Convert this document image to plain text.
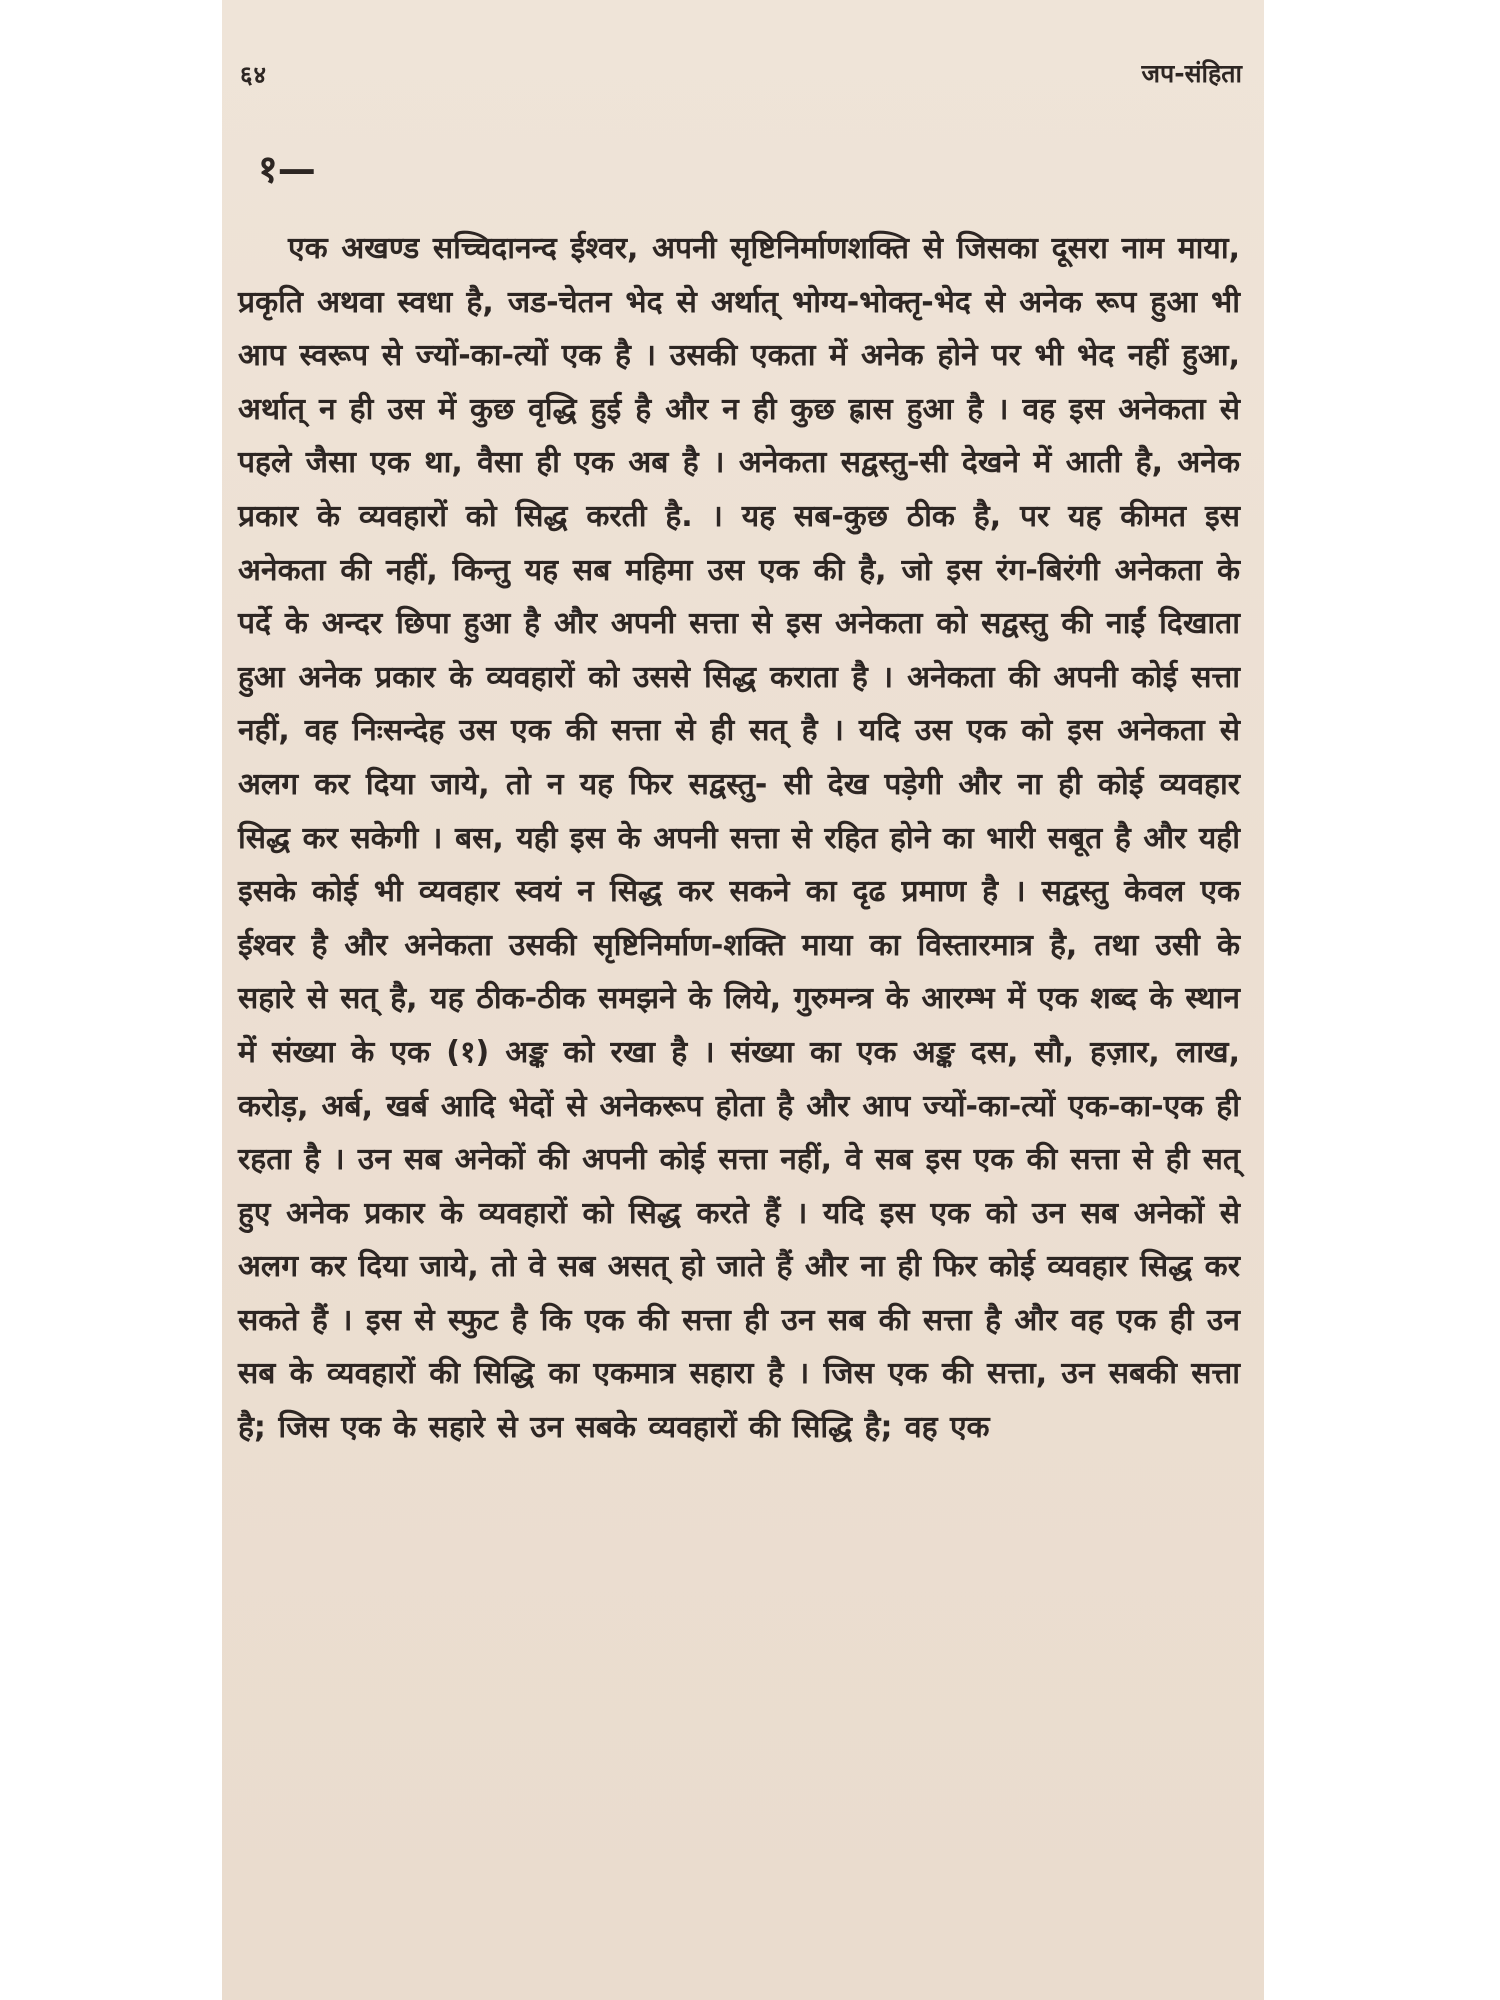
६४	जप-संहिता
१—

एक अखण्ड सच्चिदानन्द ईश्वर, अपनी सृष्टिनिर्माणशक्ति से जिसका दूसरा नाम माया, प्रकृति अथवा स्वधा है, जड-चेतन भेद से अर्थात् भोग्य-भोक्तृ-भेद से अनेक रूप हुआ भी आप स्वरूप से ज्यों-का-त्यों एक है । उसकी एकता में अनेक होने पर भी भेद नहीं हुआ, अर्थात् न ही उस में कुछ वृद्धि हुई है और न ही कुछ ह्रास हुआ है । वह इस अनेकता से पहले जैसा एक था, वैसा ही एक अब है । अनेकता सद्वस्तु-सी देखने में आती है, अनेक प्रकार के व्यवहारों को सिद्ध करती है. । यह सब-कुछ ठीक है, पर यह कीमत इस अनेकता की नहीं, किन्तु यह सब महिमा उस एक की है, जो इस रंग-बिरंगी अनेकता के पर्दे के अन्दर छिपा हुआ है और अपनी सत्ता से इस अनेकता को सद्वस्तु की नाईं दिखाता हुआ अनेक प्रकार के व्यवहारों को उससे सिद्ध कराता है । अनेकता की अपनी कोई सत्ता नहीं, वह निःसन्देह उस एक की सत्ता से ही सत् है । यदि उस एक को इस अनेकता से अलग कर दिया जाये, तो न यह फिर सद्वस्तु- सी देख पड़ेगी और ना ही कोई व्यवहार सिद्ध कर सकेगी । बस, यही इस के अपनी सत्ता से रहित होने का भारी सबूत है और यही इसके कोई भी व्यवहार स्वयं न सिद्ध कर सकने का दृढ प्रमाण है । सद्वस्तु केवल एक ईश्वर है और अनेकता उसकी सृष्टिनिर्माण-शक्ति माया का विस्तारमात्र है, तथा उसी के सहारे से सत् है, यह ठीक-ठीक समझने के लिये, गुरुमन्त्र के आरम्भ में एक शब्द के स्थान में संख्या के एक (१) अङ्क को रखा है । संख्या का एक अङ्क दस, सौ, हज़ार, लाख, करोड़, अर्ब, खर्ब आदि भेदों से अनेकरूप होता है और आप ज्यों-का-त्यों एक-का-एक ही रहता है । उन सब अनेकों की अपनी कोई सत्ता नहीं, वे सब इस एक की सत्ता से ही सत् हुए अनेक प्रकार के व्यवहारों को सिद्ध करते हैं । यदि इस एक को उन सब अनेकों से अलग कर दिया जाये, तो वे सब असत् हो जाते हैं और ना ही फिर कोई व्यवहार सिद्ध कर सकते हैं । इस से स्फुट है कि एक की सत्ता ही उन सब की सत्ता है और वह एक ही उन सब के व्यवहारों की सिद्धि का एकमात्र सहारा है । जिस एक की सत्ता, उन सबकी सत्ता है; जिस एक के सहारे से उन सबके व्यवहारों की सिद्धि है; वह एक
